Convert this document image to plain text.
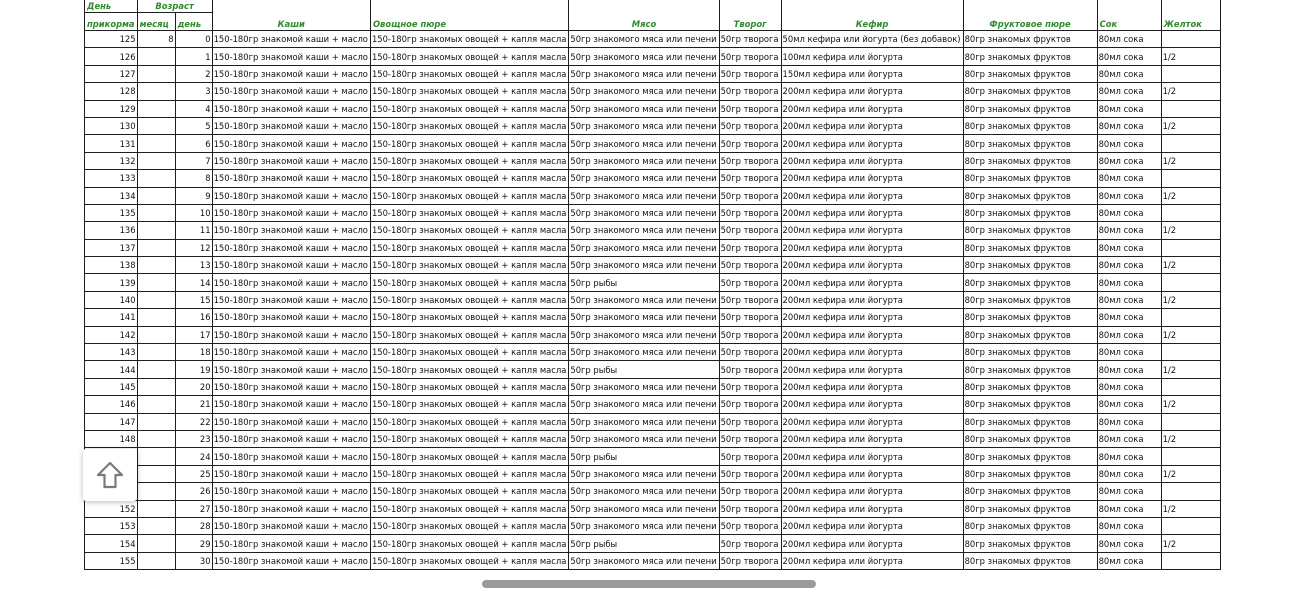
День	Возраст		Каши	Овощное пюре	Мясо	Творог	Кефир	Фруктовое пюре	Сок	Желток
прикорма	месяц	день								
125	8	0	150-180гр знакомой каши + масло	150-180гр знакомых овощей + капля масла	50гр знакомого мяса или печени	50гр творога	50мл кефира или йогурта (без добавок)	80гр знакомых фруктов	80мл сока	
126		1	150-180гр знакомой каши + масло	150-180гр знакомых овощей + капля масла	50гр знакомого мяса или печени	50гр творога	100мл кефира или йогурта	80гр знакомых фруктов	80мл сока	1/2
127		2	150-180гр знакомой каши + масло	150-180гр знакомых овощей + капля масла	50гр знакомого мяса или печени	50гр творога	150мл кефира или йогурта	80гр знакомых фруктов	80мл сока	
128		3	150-180гр знакомой каши + масло	150-180гр знакомых овощей + капля масла	50гр знакомого мяса или печени	50гр творога	200мл кефира или йогурта	80гр знакомых фруктов	80мл сока	1/2
129		4	150-180гр знакомой каши + масло	150-180гр знакомых овощей + капля масла	50гр знакомого мяса или печени	50гр творога	200мл кефира или йогурта	80гр знакомых фруктов	80мл сока	
130		5	150-180гр знакомой каши + масло	150-180гр знакомых овощей + капля масла	50гр знакомого мяса или печени	50гр творога	200мл кефира или йогурта	80гр знакомых фруктов	80мл сока	1/2
131		6	150-180гр знакомой каши + масло	150-180гр знакомых овощей + капля масла	50гр знакомого мяса или печени	50гр творога	200мл кефира или йогурта	80гр знакомых фруктов	80мл сока	
132		7	150-180гр знакомой каши + масло	150-180гр знакомых овощей + капля масла	50гр знакомого мяса или печени	50гр творога	200мл кефира или йогурта	80гр знакомых фруктов	80мл сока	1/2
133		8	150-180гр знакомой каши + масло	150-180гр знакомых овощей + капля масла	50гр знакомого мяса или печени	50гр творога	200мл кефира или йогурта	80гр знакомых фруктов	80мл сока	
134		9	150-180гр знакомой каши + масло	150-180гр знакомых овощей + капля масла	50гр знакомого мяса или печени	50гр творога	200мл кефира или йогурта	80гр знакомых фруктов	80мл сока	1/2
135		10	150-180гр знакомой каши + масло	150-180гр знакомых овощей + капля масла	50гр знакомого мяса или печени	50гр творога	200мл кефира или йогурта	80гр знакомых фруктов	80мл сока	
136		11	150-180гр знакомой каши + масло	150-180гр знакомых овощей + капля масла	50гр знакомого мяса или печени	50гр творога	200мл кефира или йогурта	80гр знакомых фруктов	80мл сока	1/2
137		12	150-180гр знакомой каши + масло	150-180гр знакомых овощей + капля масла	50гр знакомого мяса или печени	50гр творога	200мл кефира или йогурта	80гр знакомых фруктов	80мл сока	
138		13	150-180гр знакомой каши + масло	150-180гр знакомых овощей + капля масла	50гр знакомого мяса или печени	50гр творога	200мл кефира или йогурта	80гр знакомых фруктов	80мл сока	1/2
139		14	150-180гр знакомой каши + масло	150-180гр знакомых овощей + капля масла	50гр рыбы	50гр творога	200мл кефира или йогурта	80гр знакомых фруктов	80мл сока	
140		15	150-180гр знакомой каши + масло	150-180гр знакомых овощей + капля масла	50гр знакомого мяса или печени	50гр творога	200мл кефира или йогурта	80гр знакомых фруктов	80мл сока	1/2
141		16	150-180гр знакомой каши + масло	150-180гр знакомых овощей + капля масла	50гр знакомого мяса или печени	50гр творога	200мл кефира или йогурта	80гр знакомых фруктов	80мл сока	
142		17	150-180гр знакомой каши + масло	150-180гр знакомых овощей + капля масла	50гр знакомого мяса или печени	50гр творога	200мл кефира или йогурта	80гр знакомых фруктов	80мл сока	1/2
143		18	150-180гр знакомой каши + масло	150-180гр знакомых овощей + капля масла	50гр знакомого мяса или печени	50гр творога	200мл кефира или йогурта	80гр знакомых фруктов	80мл сока	
144		19	150-180гр знакомой каши + масло	150-180гр знакомых овощей + капля масла	50гр рыбы	50гр творога	200мл кефира или йогурта	80гр знакомых фруктов	80мл сока	1/2
145		20	150-180гр знакомой каши + масло	150-180гр знакомых овощей + капля масла	50гр знакомого мяса или печени	50гр творога	200мл кефира или йогурта	80гр знакомых фруктов	80мл сока	
146		21	150-180гр знакомой каши + масло	150-180гр знакомых овощей + капля масла	50гр знакомого мяса или печени	50гр творога	200мл кефира или йогурта	80гр знакомых фруктов	80мл сока	1/2
147		22	150-180гр знакомой каши + масло	150-180гр знакомых овощей + капля масла	50гр знакомого мяса или печени	50гр творога	200мл кефира или йогурта	80гр знакомых фруктов	80мл сока	
148		23	150-180гр знакомой каши + масло	150-180гр знакомых овощей + капля масла	50гр знакомого мяса или печени	50гр творога	200мл кефира или йогурта	80гр знакомых фруктов	80мл сока	1/2
		24	150-180гр знакомой каши + масло	150-180гр знакомых овощей + капля масла	50гр рыбы	50гр творога	200мл кефира или йогурта	80гр знакомых фруктов	80мл сока	
		25	150-180гр знакомой каши + масло	150-180гр знакомых овощей + капля масла	50гр знакомого мяса или печени	50гр творога	200мл кефира или йогурта	80гр знакомых фруктов	80мл сока	1/2
		26	150-180гр знакомой каши + масло	150-180гр знакомых овощей + капля масла	50гр знакомого мяса или печени	50гр творога	200мл кефира или йогурта	80гр знакомых фруктов	80мл сока	
152		27	150-180гр знакомой каши + масло	150-180гр знакомых овощей + капля масла	50гр знакомого мяса или печени	50гр творога	200мл кефира или йогурта	80гр знакомых фруктов	80мл сока	1/2
153		28	150-180гр знакомой каши + масло	150-180гр знакомых овощей + капля масла	50гр знакомого мяса или печени	50гр творога	200мл кефира или йогурта	80гр знакомых фруктов	80мл сока	
154		29	150-180гр знакомой каши + масло	150-180гр знакомых овощей + капля масла	50гр рыбы	50гр творога	200мл кефира или йогурта	80гр знакомых фруктов	80мл сока	1/2
155		30	150-180гр знакомой каши + масло	150-180гр знакомых овощей + капля масла	50гр знакомого мяса или печени	50гр творога	200мл кефира или йогурта	80гр знакомых фруктов	80мл сока	
